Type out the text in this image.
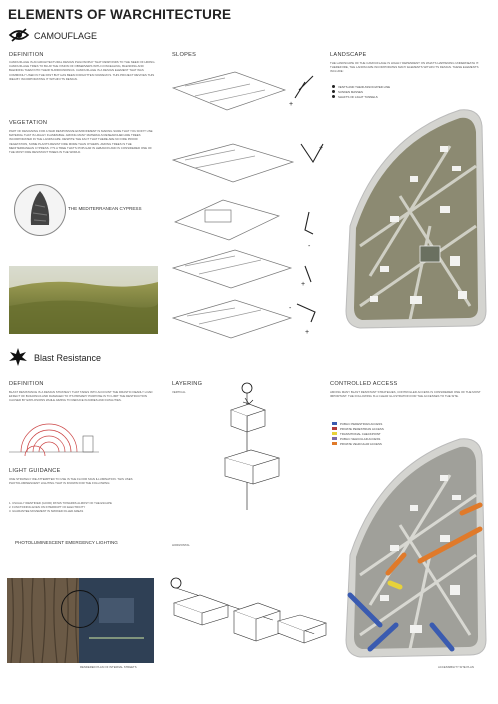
ELEMENTS OF WARCHITECTURE
CAMOUFLAGE
DEFINITION
CAMOUFLAGE IS AN ARCHITECTURAL DESIGN PHILOSOPHY THAT RESPONDS TO THE NEED OF HIDING. CAMOUFLAGE TRIES TO BLUR THE VISION OF OBSERVERS WITH CONCEALING, BLENDING AND BLENDING THEM INTO THEIR SURROUNDINGS. CAMOUFLAGE IS A DESIGN ELEMENT THAT WAS COMMONLY USED IN THE PAST BUT HAS BEEN FORGOTTEN NOWADAYS. THIS PROJECT REVIVES THIS IDEA BY INCORPORATING IT WITHIN ITS DESIGN.
VEGETATION
PART OF DESIGNING FOR A WAR RESPONSIVE ENVIRONMENT IS MAKING SURE THAT YOU DON'T USE MATERIAL THAT IS HIGHLY FLAMMABLE. AMONG MANY MATERIALS RESEARCHED ARE TREES INCORPORATED IN THE LANDSCAPE. DESPITE THE FACT THAT THERE ARE NO FIRE PROOF VEGETATION, SOME PLANTS RESIST FIRE MORE THAN OTHERS. AMONG TREES IS THE MEDITERRANEAN CYPRESS. IT'S A TREE THAT'S POPULAR IN LEBANON AND IS CONSIDERED ONE OF THE MOST FIRE RESISTANT TREES IN THE WORLD.
THE MEDITERRANEAN CYPRESS
SLOPES
+
+
-
+
-
+
LANDSCAPE
THE LANDSCAPE OF THE CAMOUFLAGE IS HIGHLY DEPENDENT ON WHAT'S HAPPENING UNDERNEATH IT. THEREFORE, THE LANDSCAPE INCORPORATES MANY ELEMENTS WITHIN ITS DESIGN. THESE ELEMENTS INCLUDE:
VENTS AND THEIR ASSOCIATED LINE
SUNKEN MASSES
SHAFTS OF LIGHT TUNNELS
Blast Resistance
DEFINITION
BLAST RESISTANCE IS A DESIGN STRATEGY THAT TAKES INTO ACCOUNT THE DRASTIC DEADLY LOAD EFFECT OF BUILDINGS AND DAMAGED TO ITS PRIMARY PURPOSE IS TO LIMIT THE DESTRUCTION CAUSED BY EXPLOSIONS WHILE AIMING TO REDUCE INJURIES AND FATALITIES.
LIGHT GUIDANCE
ONE STRATEGY WE ATTEMPTED TO USE IS THE FLOOR SIGN ILLUMINATION. THIS USES PHOTOLUMINESCENT LIGHTING THAT IS KNOWN FOR THE FOLLOWING:
1. USUALLY IDENTIFIED (GOOD) PATHS TOWARDS ALMOST OF THE ESCAPE
2. FUNCTIONING EVEN ON INTERRUPT OF ELECTRICITY
3. GUARANTEE MOVEMENT IN SMOKED FILLED AREAS
PHOTOLUMINESCENT EMERGENCY LIGHTING
RENDERED PLAN OF INTERNAL STREETS
LAYERING
VERTICAL
HORIZONTAL
CONTROLLED ACCESS
AMONG MANY BLAST RESISTANT STRATEGIES, CONTROLLED ACCESS IS CONSIDERED ONE OF THE MOST IMPORTANT. THE FOLLOWING IS A CLEAR ILLUSTRATION FOR THE ACCESSES TO THE SITE.
PUBLIC PEDESTRIAN ACCESS
PRIVATE PEDESTRIAN ACCESS
TRANSITIONAL CHECKPOINT
PUBLIC VEHICULAR ACCESS
PRIVATE VEHICULAR ACCESS
ACCESSIBILITY SITE PLAN
